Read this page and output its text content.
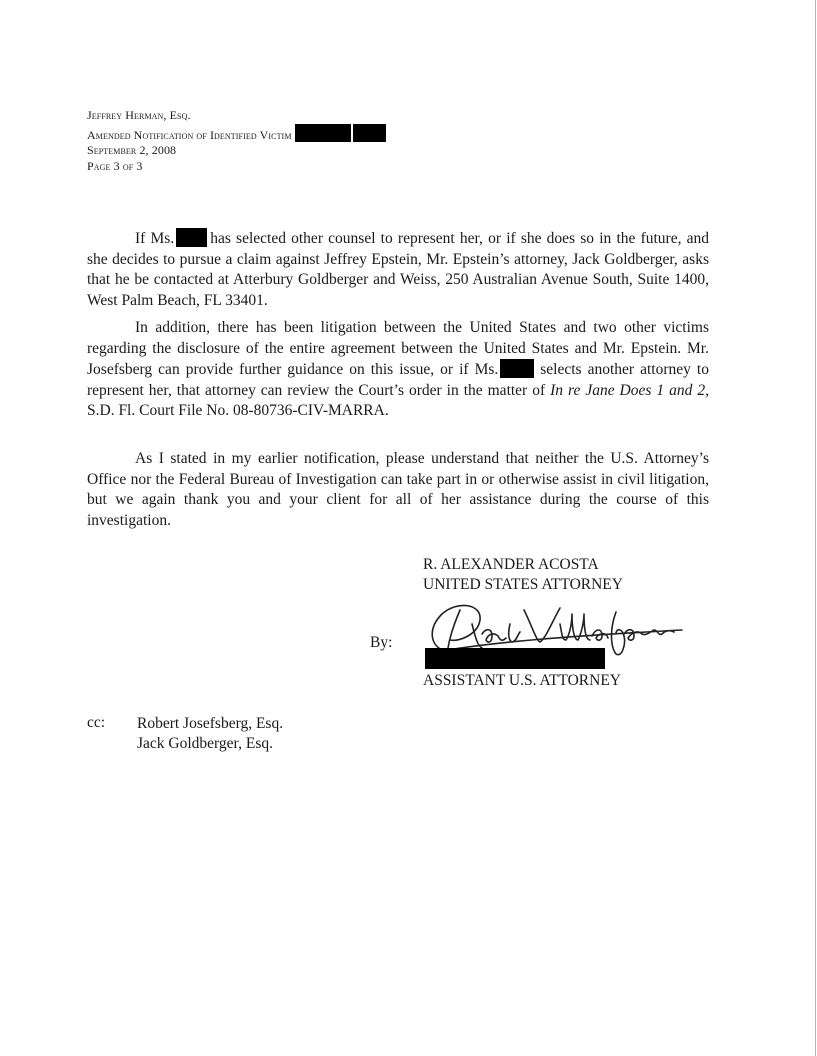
Jeffrey Herman, Esq.
Amended Notification of Identified Victim
September 2, 2008
Page 3 of 3

If Ms. has selected other counsel to represent her, or if she does so in the future, and she decides to pursue a claim against Jeffrey Epstein, Mr. Epstein’s attorney, Jack Goldberger, asks that he be contacted at Atterbury Goldberger and Weiss, 250 Australian Avenue South, Suite 1400, West Palm Beach, FL 33401.

In addition, there has been litigation between the United States and two other victims regarding the disclosure of the entire agreement between the United States and Mr. Epstein. Mr. Josefsberg can provide further guidance on this issue, or if Ms.	selects another attorney to represent her, that attorney can review the Court’s order in the matter of In re Jane Does 1 and 2, S.D. Fl. Court File No. 08-80736-CIV-MARRA.

As I stated in my earlier notification, please understand that neither the U.S. Attorney’s Office nor the Federal Bureau of Investigation can take part in or otherwise assist in civil litigation, but we again thank you and your client for all of her assistance during the course of this investigation.

R. ALEXANDER ACOSTA
UNITED STATES ATTORNEY
By:
ASSISTANT U.S. ATTORNEY
cc: Robert Josefsberg, Esq.
Jack Goldberger, Esq.
